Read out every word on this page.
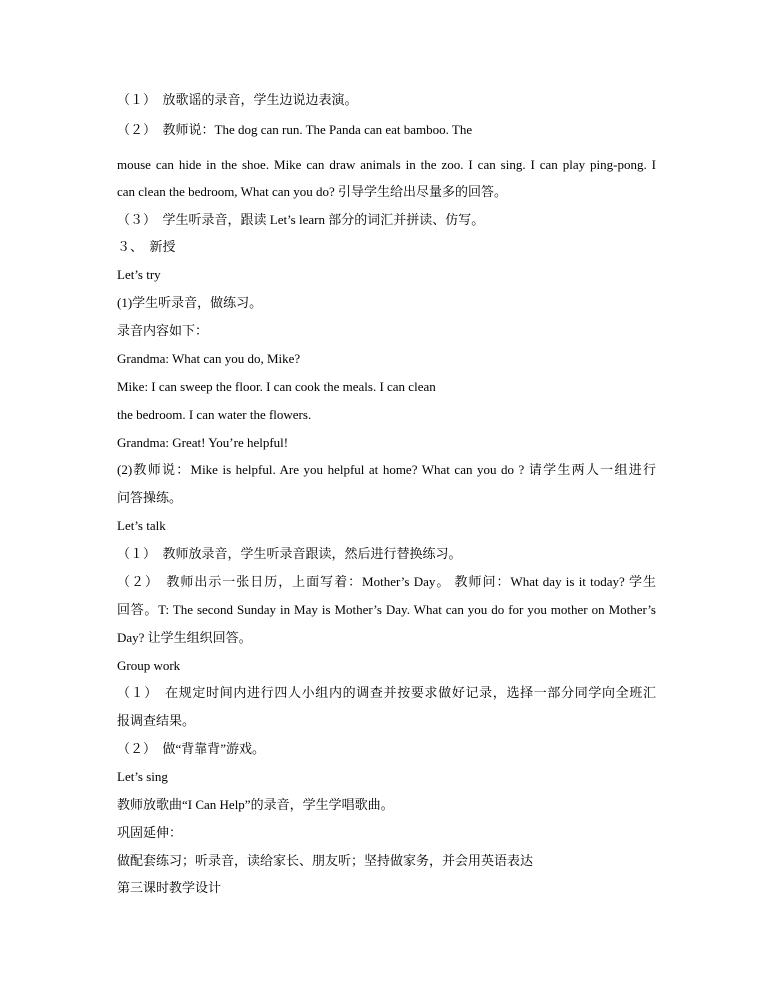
（１）　放歌谣的录音，学生边说边表演。
（２）　教师说：The dog can run. The Panda can eat bamboo. The
mouse can hide in the shoe. Mike can draw animals in the zoo. I can sing. I can play ping-pong. I
can clean the bedroom, What can you do? 引导学生给出尽量多的回答。
（３）　学生听录音，跟读 Let’s learn 部分的词汇并拼读、仿写。
３、　新授
Let’s try
(1)学生听录音，做练习。
录音内容如下：
Grandma: What can you do, Mike?
Mike: I can sweep the floor. I can cook the meals. I can clean
the bedroom. I can water the flowers.
Grandma: Great! You’re helpful!
(2)教师说：Mike is helpful. Are you helpful at home? What can you do ? 请学生两人一组进行
问答操练。
Let’s talk
（１）　教师放录音，学生听录音跟读，然后进行替换练习。
（２）　教师出示一张日历，上面写着：Mother’s Day。 教师问：What day is it today? 学生
回答。T: The second Sunday in May is Mother’s Day. What can you do for you mother on Mother’s
Day? 让学生组织回答。
Group work
（１）　在规定时间内进行四人小组内的调查并按要求做好记录，选择一部分同学向全班汇
报调查结果。
（２）　做“背靠背”游戏。
Let’s sing
教师放歌曲“I Can Help”的录音，学生学唱歌曲。
巩固延伸：
做配套练习；听录音，读给家长、朋友听；坚持做家务，并会用英语表达
第三课时教学设计
